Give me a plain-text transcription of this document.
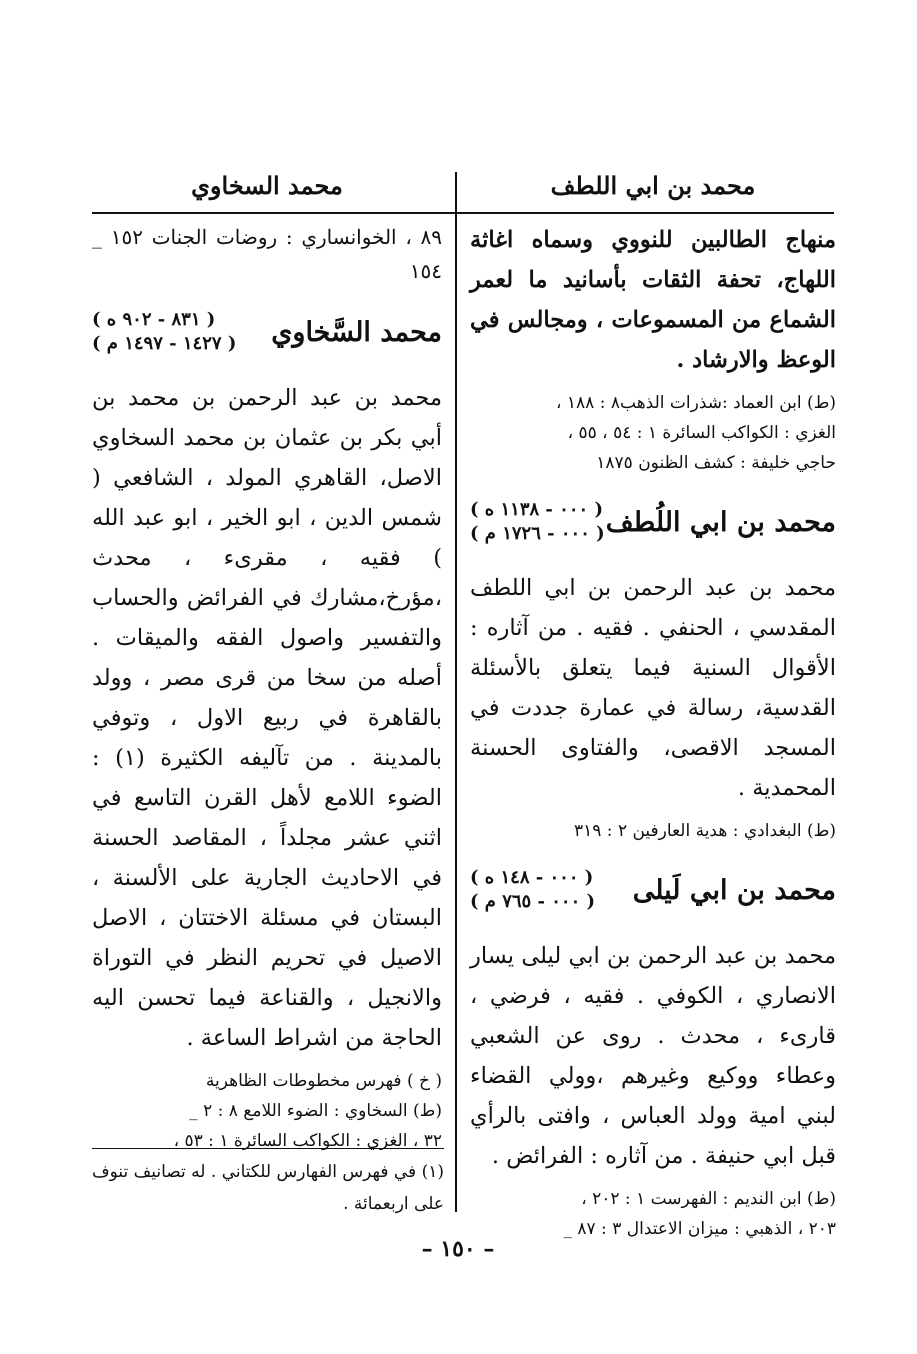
محمد بن ابي اللطف
محمد السخاوي

منهاج الطالبين للنووي وسماه اغاثة اللهاج، تحفة الثقات بأسانيد ما لعمر الشماع من المسموعات ، ومجالس في الوعظ والارشاد .

(ط) ابن العماد :شذرات الذهب٨ : ١٨٨ ،

الغزي : الكواكب السائرة ١ : ٥٤ ، ٥٥ ،

حاجي خليفة : كشف الظنون ١٨٧٥

محمد بن ابي اللُطف
( ٠٠٠ - ١١٣٨ ه )
( ٠٠٠ - ١٧٢٦ م )

محمد بن عبد الرحمن بن ابي اللطف المقدسي ، الحنفي . فقيه . من آثاره : الأقوال السنية فيما يتعلق بالأسئلة القدسية، رسالة في عمارة جددت في المسجد الاقصى، والفتاوى الحسنة المحمدية .

(ط) البغدادي : هدية العارفين ٢ : ٣١٩

محمد بن ابي لَيلى
( ٠٠٠ - ١٤٨ ه )
( ٠٠٠ - ٧٦٥ م )

محمد بن عبد الرحمن بن ابي ليلى يسار الانصاري ، الكوفي . فقيه ، فرضي ، قارىء ، محدث . روى عن الشعبي وعطاء ووكيع وغيرهم ،وولي القضاء لبني امية وولد العباس ، وافتى بالرأي قبل ابي حنيفة . من آثاره : الفرائض .

(ط) ابن النديم : الفهرست ١ : ٢٠٢ ،

٢٠٣ ، الذهبي : ميزان الاعتدال ٣ : ٨٧ _

٨٩ ، الخوانساري : روضات الجنات ١٥٢ _ ١٥٤

محمد السَّخاوي
( ٨٣١ - ٩٠٢ ه )
( ١٤٢٧ - ١٤٩٧ م )

محمد بن عبد الرحمن بن محمد بن أبي بكر بن عثمان بن محمد السخاوي الاصل، القاهري المولد ، الشافعي ( شمس الدين ، ابو الخير ، ابو عبد الله ) فقيه ، مقرىء ، محدث ،مؤرخ،مشارك في الفرائض والحساب والتفسير واصول الفقه والميقات . أصله من سخا من قرى مصر ، وولد بالقاهرة في ربيع الاول ، وتوفي بالمدينة . من تآليفه الكثيرة (١) : الضوء اللامع لأهل القرن التاسع في اثني عشر مجلداً ، المقاصد الحسنة في الاحاديث الجارية على الألسنة ، البستان في مسئلة الاختتان ، الاصل الاصيل في تحريم النظر في التوراة والانجيل ، والقناعة فيما تحسن اليه الحاجة من اشراط الساعة .

( خ ) فهرس مخطوطات الظاهرية

(ط) السخاوي : الضوء اللامع ٨ : ٢ _

٣٢ ، الغزي : الكواكب السائرة ١ : ٥٣ ،

(١) في فهرس الفهارس للكتاني . له تصانيف تنوف على اربعمائة .
– ١٥٠ –
